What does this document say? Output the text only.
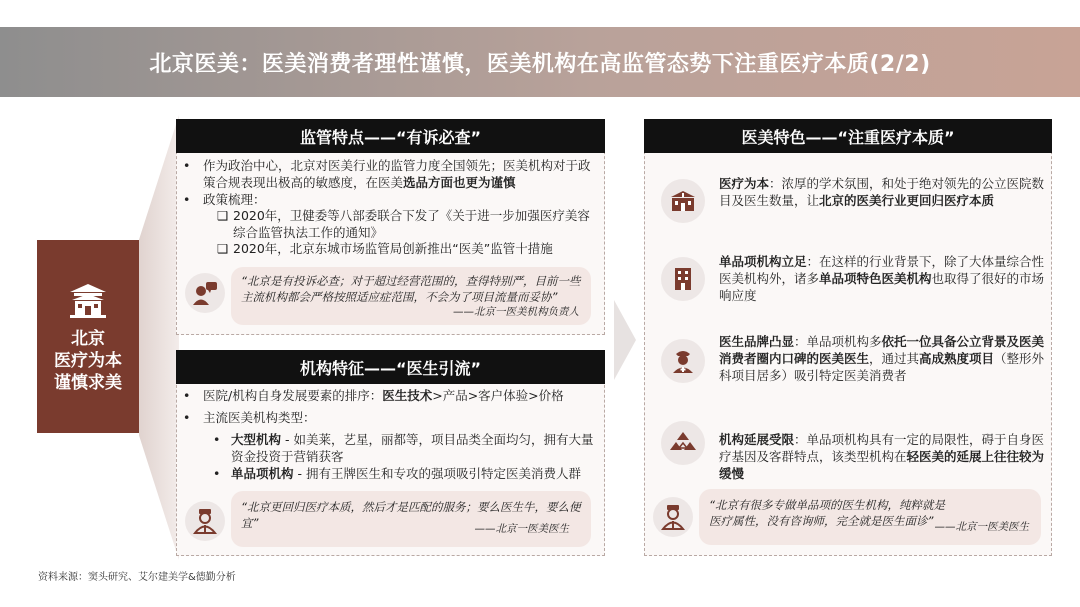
北京医美：医美消费者理性谨慎，医美机构在高监管态势下注重医疗本质(2/2)
北京
医疗为本
谨慎求美
•	作为政治中心，北京对医美行业的监管力度全国领先；医美机构对于政策合规表现出极高的敏感度，在医美选品方面也更为谨慎
•	政策梳理：
❑ 2020年，卫健委等八部委联合下发了《关于进一步加强医疗美容综合监管执法工作的通知》
❑ 2020年，北京东城市场监管局创新推出“医美”监管十措施
“北京是有投诉必查；对于超过经营范围的，查得特别严，目前一些主流机构都会严格按照适应症范围，不会为了项目流量而妥协”
——北京一医美机构负责人
监管特点——“有诉必查”
•	医院/机构自身发展要素的排序：医生技术>产品>客户体验>价格
•	主流医美机构类型：
• 大型机构 - 如美莱，艺星，丽都等，项目品类全面均匀，拥有大量资金投资于营销获客
• 单品项机构 - 拥有王牌医生和专攻的强项吸引特定医美消费人群
“北京更回归医疗本质，然后才是匹配的服务；要么医生牛，要么便宜”	——北京一医美医生
机构特征——“医生引流”
医疗为本：浓厚的学术氛围，和处于绝对领先的公立医院数目及医生数量，让北京的医美行业更回归医疗本质
单品项机构立足：在这样的行业背景下，除了大体量综合性医美机构外，诸多单品项特色医美机构也取得了很好的市场响应度
医生品牌凸显：单品项机构多依托一位具备公立背景及医美消费者圈内口碑的医美医生，通过其高成熟度项目（整形外科项目居多）吸引特定医美消费者
机构延展受限：单品项机构具有一定的局限性，碍于自身医疗基因及客群特点，该类型机构在轻医美的延展上往往较为缓慢
“北京有很多专做单品项的医生机构，纯粹就是医疗属性，没有咨询师，完全就是医生面诊” ——北京一医美医生
医美特色——“注重医疗本质”
资料来源：窦头研究、艾尔建美学&德勤分析
